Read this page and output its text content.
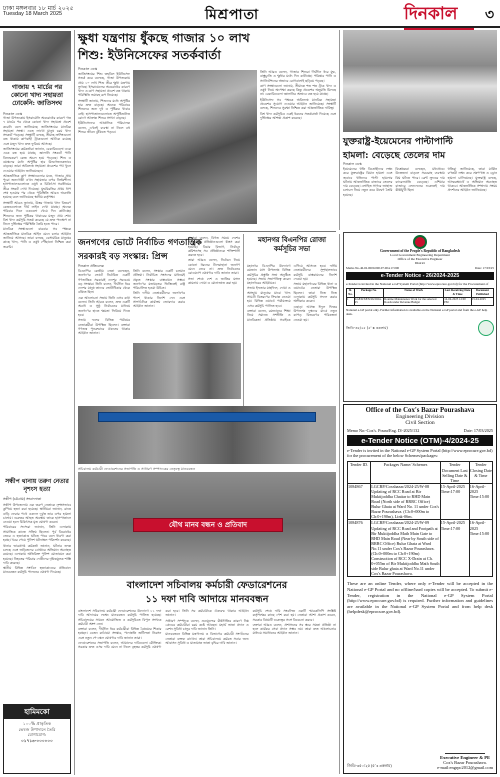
ঢাকা মঙ্গলবার ১৮ মার্চ ২০২৫
Tuesday 18 March 2025	মিশ্রপাতা	দিনকাল	৩
গাজায় ৭ মার্চের পর কোনো খাদ্য সহায়তা ঢোকেনি: জাতিসংঘ
দিনকাল ডেস্ক

গাজা উপত্যকায় ইসরায়েলি অবরোধের কারণে গত ৭ মার্চের পর থেকে কোনো খাদ্য সহায়তা প্রবেশ করেনি বলে জানিয়েছে জাতিসংঘের মানবিক সহায়তা সংস্থা। এতে লাখো মানুষ চরম খাদ্য সংকটে পড়েছে। সংস্থাটি বলছে, সীমান্ত ক্রসিংগুলো বন্ধ থাকায় ত্রাণবাহী ট্রাকগুলো আটকে রয়েছে এবং মজুদ খাদ্য দ্রুত ফুরিয়ে আসছে।

জাতিসংঘের কর্মকর্তারা জানান, বেকারিগুলো একে একে বন্ধ হয়ে যাচ্ছে, জ্বালানি সংকটে পানি বিশুদ্ধকরণ কেন্দ্র অচল হয়ে পড়েছে। শিশু ও বয়স্কদের মধ্যে অপুষ্টির হার উদ্বেগজনকভাবে বাড়ছে। তারা অবিলম্বে সহায়তা প্রবেশের পথ খুলে দেওয়ার আহ্বান জানিয়েছেন।

আন্তর্জাতিক ত্রাণ সংস্থাগুলোর মতে, গাজার প্রায় পুরো জনগোষ্ঠী এখন সহায়তার ওপর নির্ভরশীল। হাসপাতালগুলোতে ওষুধ ও চিকিৎসা সরঞ্জামের তীব্র সংকট দেখা দিয়েছে। যুদ্ধবিরতির প্রথম ধাপ শেষ হওয়ার পর থেকে পরিস্থিতি আরও অবনতি হয়েছে বলে জানিয়েছে স্থানীয় কর্তৃপক্ষ।

সংস্থাটি আরও জানায়, উত্তর গাজায় খাদ্য বিতরণ কেন্দ্রগুলোতে দীর্ঘ লাইন দেখা যাচ্ছে। অনেক পরিবার দিনে একবেলা খেয়ে দিন কাটাচ্ছে। শিশুদের জন্য পুষ্টিকর খাবারের মজুদ প্রায় শেষ। বিশ্ব খাদ্য কর্মসূচি সতর্ক করেছে যে দ্রুত পদক্ষেপ না নিলে দুর্ভিক্ষের পরিস্থিতি তৈরি হতে পারে।

মানবিক সংস্থাগুলো বারবার সব পক্ষকে আন্তর্জাতিক মানবিক আইন মেনে চলার আহ্বান জানিয়ে আসছে। তারা বলছে, বেসামরিক মানুষের কাছে খাদ্য, পানি ও ওষুধ পৌঁছানো নিশ্চিত করা জরুরি।

সন্ধীপ থানায় তরুণ নেতার নৃশংস হত্যা
সন্ধীপ (চট্টগ্রাম) সংবাদদাতা

সন্ধীপ উপজেলায় এক তরুণ নেতাকে নৃশংসভাবে কুপিয়ে হত্যা করা হয়েছে। স্থানীয়রা জানান, রাতে বাড়ি ফেরার পথে একদল দুর্বৃত্ত তার ওপর হামলা চালায়। গুরুতর আহত অবস্থায় তাকে হাসপাতালে নেওয়া হলে চিকিৎসক মৃত ঘোষণা করেন।

পরিবারের সদস্যরা জানান, তিনি এলাকায় সামাজিক কাজে সক্রিয় ছিলেন। পূর্ব বিরোধের জেরে এ হত্যাকাণ্ড ঘটতে পারে বলে ধারণা করা হচ্ছে। খবর পেয়ে পুলিশ ঘটনাস্থল পরিদর্শন করেছে।

থানার ভারপ্রাপ্ত কর্মকর্তা জানান, ঘটনার তদন্ত চলছে এবং জড়িতদের গ্রেপ্তারে অভিযান অব্যাহত রয়েছে। এলাকায় অতিরিক্ত পুলিশ মোতায়েন করা হয়েছে। নিহতের পরিবার দোষীদের দৃষ্টান্তমূলক শাস্তি দাবি করেছে।

স্থানীয় বিভিন্ন সংগঠন হত্যাকাণ্ডের প্রতিবাদে মানববন্ধন কর্মসূচি পালনের ঘোষণা দিয়েছে।

হামিমকো
১০০% প্রাকৃতিক
ভেষজ উপাদানে তৈরি
যোগাযোগ:
০১৭১৩-০০০০০০
ক্ষুধা যন্ত্রণায় ধুঁকছে গাজার ১০ লাখ
শিশু: ইউনিসেফের সতর্কবার্তা
দিনকাল ডেস্ক

জাতিসংঘের শিশু তহবিল ইউনিসেফ সতর্ক করে বলেছে, গাজা উপত্যকায় প্রায় ১০ লাখ শিশু তীব্র ক্ষুধা যন্ত্রণায় ভুগছে। ইসরায়েলের অবরোধের কারণে খাদ্য ও ত্রাণ সহায়তা প্রবেশ বন্ধ থাকায় পরিস্থিতি ভয়াবহ রূপ নিয়েছে।

সংস্থাটি জানায়, শিশুদের মধ্যে অপুষ্টির হার দ্রুত বাড়ছে। অনেক পরিবারে শিশুদের জন্য দুধ ও পুষ্টিকর খাবার নেই। হাসপাতালগুলোতে অপুষ্টিজনিত রোগে আক্রান্ত শিশুর সংখ্যা বাড়ছে।

ইউনিসেফের আঞ্চলিক পরিচালক বলেন, এখনই ব্যবস্থা না নিলে বহু শিশুর জীবন ঝুঁকিতে পড়বে।

তিনি আরও বলেন, গাজার শিশুরা দীর্ঘদিন ধরে যুদ্ধ, বাস্তুচ্যুতি ও ক্ষুধার মধ্যে দিন কাটাচ্ছে। পরিষ্কার পানি ও স্যানিটেশনের অভাবে রোগবালাই ছড়িয়ে পড়ছে।

ত্রাণ সংস্থাগুলো জানায়, সীমান্তে শত শত ট্রাক খাদ্য ও ওষুধ নিয়ে অপেক্ষা করছে কিন্তু প্রবেশের অনুমতি মিলছে না। বেকারিগুলো জ্বালানির অভাবে বন্ধ হয়ে যাচ্ছে।

ইউনিসেফ সব পক্ষকে অবিলম্বে মানবিক সহায়তা প্রবেশের সুযোগ দেওয়ার আহ্বান জানিয়েছে। সংস্থাটি বলছে, শিশুদের সুরক্ষা নিশ্চিত করা আন্তর্জাতিক দায়িত্ব।

বিশ্ব খাদ্য কর্মসূচিও একই ধরনের সতর্কবার্তা দিয়েছে এবং দুর্ভিক্ষের আশঙ্কা প্রকাশ করেছে।

যুক্তরাষ্ট্র-ইয়েমেনের পাল্টাপাল্টি
হামলা: বেড়েছে তেলের দাম
দিনকাল ডেস্ক

ইয়েমেনের হুতি বিদ্রোহীদের লক্ষ্য করে যুক্তরাষ্ট্রের বিমান হামলা এবং জবাবে হুতিদের পাল্টা হামলার ঘটনায় আন্তর্জাতিক বাজারে তেলের দাম বেড়েছে। লোহিত সাগরে জাহাজ চলাচল নিয়ে নতুন করে উদ্বেগ তৈরি হয়েছে।

বিশ্লেষকরা বলছেন, মধ্যপ্রাচ্যে উত্তেজনা বাড়লে সরবরাহ ব্যবস্থায় বিঘ্ন ঘটতে পারে। ব্রেন্ট ক্রুডের দাম ব্যারেলপ্রতি বেড়েছে। এশিয়ার বাজারে লেনদেনের শুরুতেই দাম ঊর্ধ্বমুখী ছিল।

হুতিরা জানিয়েছে, তারা মার্কিন রণতরী লক্ষ্য করে ক্ষেপণাস্ত্র ও ড্রোন হামলা চালিয়েছে। যুক্তরাষ্ট্র বলছে, আত্মরক্ষার্থে এ অভিযান অব্যাহত থাকবে। আন্তর্জাতিক সম্প্রদায় সংযম প্রদর্শনের আহ্বান জানিয়েছে।

জনগণের ভোটে নির্বাচিত গণতান্ত্রিক
সরকারই বড় সংস্কার: প্রিন্স
দিনকাল প্রতিবেদক

বিএনপির কেন্দ্রীয় নেতা বলেছেন, জনগণের ভোটে নির্বাচিত একটি গণতান্ত্রিক সরকারই দেশের সবচেয়ে বড় সংস্কার। তিনি বলেন, দীর্ঘদিন ধরে দেশের মানুষ তাদের ভোটাধিকার থেকে বঞ্চিত ছিল।

এক আলোচনা সভায় তিনি এসব কথা বলেন। তিনি আরও বলেন, দ্রুত একটি অবাধ ও সুষ্ঠু নির্বাচনের মাধ্যমে জনগণের হাতে ক্ষমতা ফিরিয়ে দিতে হবে।

সভায় দলের বিভিন্ন পর্যায়ের নেতাকর্মীরা উপস্থিত ছিলেন। বক্তারা গণতন্ত্র পুনরুদ্ধারে ঐক্যবদ্ধ থাকার আহ্বান জানান।

তিনি বলেন, সংস্কার একটি চলমান প্রক্রিয়া। নির্বাচিত সংসদের মাধ্যমেই প্রকৃত সংস্কার বাস্তবায়ন সম্ভব। জনগণের মতামতের ভিত্তিতেই রাষ্ট্র পরিচালিত হওয়া উচিত।

তিনি দলীয় নেতাকর্মীদের জনগণের পাশে থাকার নির্দেশ দেন এবং সাংগঠনিক কার্যক্রম জোরদার করার আহ্বান জানান।

বক্তারা বলেন, বিগত সময়ে দেশের গণতান্ত্রিক প্রতিষ্ঠানগুলো ধ্বংস করা হয়েছে। বিচার বিভাগ, নির্বাচন কমিশনসহ সব প্রতিষ্ঠানকে শক্তিশালী করতে হবে।

তারা আরও বলেন, নির্বাচন নিয়ে কোনো ধরনের টালবাহানা জনগণ মেনে নেবে না। দ্রুত নির্বাচনের রোডম্যাপ ঘোষণার দাবি জানান তারা।

সভা শেষে দেশ ও জাতির মঙ্গল কামনায় দোয়া ও মোনাজাত করা হয়।

মহানগর বিএনপির রোজা কর্মসূচির সভা

মহানগর বিএনপির উদ্যোগে রমজান মাস উপলক্ষে বিভিন্ন কর্মসূচির প্রস্তুতি সভা অনুষ্ঠিত হয়েছে। সভায় সভাপতিত্ব করেন মহানগরের আহ্বায়ক।

সভায় ইফতার মাহফিল, দোয়া ও অসহায় মানুষের মাঝে খাদ্য সামগ্রী বিতরণের সিদ্ধান্ত নেওয়া হয়। বিভিন্ন ওয়ার্ডে পর্যায়ক্রমে এসব কর্মসূচি পালিত হবে।

বক্তারা বলেন, রমজানের শিক্ষা নিয়ে সমাজে সম্প্রীতি ও মানবিকতা প্রতিষ্ঠায় সবাইকে এগিয়ে আসতে হবে। দলীয় নেতাকর্মীদের সুশৃঙ্খলভাবে কর্মসূচি বাস্তবায়নের নির্দেশ দেওয়া হয়।

সভায় মহানগরের বিভিন্ন থানা ও ওয়ার্ডের নেতারা উপস্থিত ছিলেন। তারা নিজ নিজ এলাকায় কর্মসূচি সফল করার অঙ্গীকার করেন।

এছাড়া আসন্ন ঈদুল ফিতর উপলক্ষে দুস্থদের মাঝে নতুন কাপড় বিতরণের পরিকল্পনা নেওয়া হয়।

সচিবালয় কর্মচারী ফেডারেশনের সভাপতি ও সাধারণ সম্পাদকের নেতৃত্বে মানববন্ধন
যৌথ মানব বন্ধন ও প্রতিবাদ
বাংলাদেশ সচিবালয় কর্মচারী ফেডারেশনের
১১ দফা দাবি আদায়ে মানববন্ধন

বাংলাদেশ সচিবালয় কর্মচারী ফেডারেশনের উদ্যোগে ১১ দফা দাবি আদায়ের লক্ষ্যে মানববন্ধন কর্মসূচি পালিত হয়েছে। সচিবালয়ের সামনে আয়োজিত এ কর্মসূচিতে বিপুল সংখ্যক কর্মচারী অংশ নেন।

বক্তারা বলেন, দীর্ঘদিন ধরে কর্মচারীরা বিভিন্ন বৈষম্যের শিকার হচ্ছেন। বেতন কাঠামো সংস্কার, পদোন্নতি জটিলতা নিরসন এবং নতুন পে-স্কেল ঘোষণার দাবি জানান তারা।

ফেডারেশনের সভাপতি বলেন, আমাদের দাবিগুলো যৌক্তিক। সরকার দ্রুত এসব দাবি মেনে না নিলে বৃহত্তর কর্মসূচি ঘোষণা করা হবে। তিনি সব কর্মচারীকে ঐক্যবদ্ধ থাকার আহ্বান জানান।

সাধারণ সম্পাদক বলেন, দ্রব্যমূল্যের ঊর্ধ্বগতির কারণে নিম্ন গ্রেডের কর্মচারীরা চরম কষ্টে আছেন। মহার্ঘ ভাতা প্রদান ও রেশন সুবিধা চালুর দাবি জানান তিনি।

মানববন্ধনে বিভিন্ন মন্ত্রণালয় ও বিভাগের কর্মচারী সংগঠনের নেতারা বক্তব্য রাখেন। তারা সচিবালয়ে কর্মরত সবার জন্য আবাসন সুবিধা ও যাতায়াত ভাতা বৃদ্ধির দাবি জানান।

কর্মসূচি শেষে দাবি সংবলিত একটি স্মারকলিপি সংশ্লিষ্ট কর্তৃপক্ষের কাছে পেশ করা হয়। নেতারা আশা প্রকাশ করেন, সরকার বিষয়টি গুরুত্বের সঙ্গে বিবেচনা করবে।

বক্তারা আরও বলেন, প্রশাসনের সব স্তরে সমতা প্রতিষ্ঠা না হলে কার্যকর সেবা প্রদান সম্ভব নয়। তারা দ্রুত আলোচনার মাধ্যমে সমাধানের আহ্বান জানান।

Government of the People's Republic of Bangladesh
Local Government Engineering Department
Office of the Executive Engineer
District
Memo No-46.02.0000.000.07.004.17.000	Date: 17/03/25
e-Tender Notice - 26/2024-2025
e-Tender is invited in the National e-GP System Portal (http://www.eprocure.gov.bd) for the Procurement of
Sl. No.	Package No.	Name of Work	Last Receiving Date & Time	Document Published
1	LGED/XEN/26/2024-25	Routine Maintenance Work for the selected Roads under Revenue Budget	14-04-2025 12:00 PM	15-04-2025
National e-GP portal only. Further information is available on the National e-GP portal and from the e-GP help desk.
জিডি-৩৫/২৫ (৫' x ৩কলাম)
Office of the Cox's Bazar Pourashava
Engineering Division
Civil Section
Memo No:-Cox's. Poura/Eng. D/-2025/132	Date: 17/03/2025
e-Tender Notice (OTM)-4/2024-25
e-Tender is invited in the National e-GP System Portal (http://www.eprocure.gov.bd) for the procurement of the below Schemes/packages:
Tender ID.	Packages Name/ Schemes	Tender Document Last Selling Date & Time	Tender Closing Date & Time
1084867	LGCRP/Coxsbazar/2024-25/W-08 Updating of RCC Road at Bir Muktijoddha Chattar to RHD Main Road (North side of RRRC Office) Bulur Ghata at Ward No. 11 under Cox's Bazar Pourashava. (Ch:0+000m to Ch:0+190m), Link-06m.	15-April-2025 Time:17:00	16-April-2025 Time:15:00
1084876	LGCRP/Coxsbazar/2024-25/W-09 Updating of RCC Road and Footpath at Bir Muktijoddha Math Main Gate to RHD Main Road (Near by South side of RRRC Office) Bulur Ghata at Ward No.11 under Cox's Bazar Pourashava. (Ch:0+000m to Ch:0+190m) Construction of RCC X-Drain at Ch. 0+055m of Bir Muktijoddha Math South side Bulur ghata at Ward No.11 under Cox's Bazar Pourashava.	15-April-2025 Time:17:00	16-April-2025 Time:15:00
These are an online Tender, where only e-Tender will be accepted in the National e-GP Portal and no offline/hard copies will be accepted. To submit e-Tender, registration in the National e-GP System Portal (http://www.eprocure.gov.bd) is required. Further information and guidelines are available in the National e-GP System Portal and from help desk (helpdesk@eprocure.gov.bd).
জিডি-৩৫০/২৫ (৫' x ৩কলাম)
Executive Engineer & PE
Cox's Bazar Pourashava.
e-mail:engrpc2012@gmail.com
